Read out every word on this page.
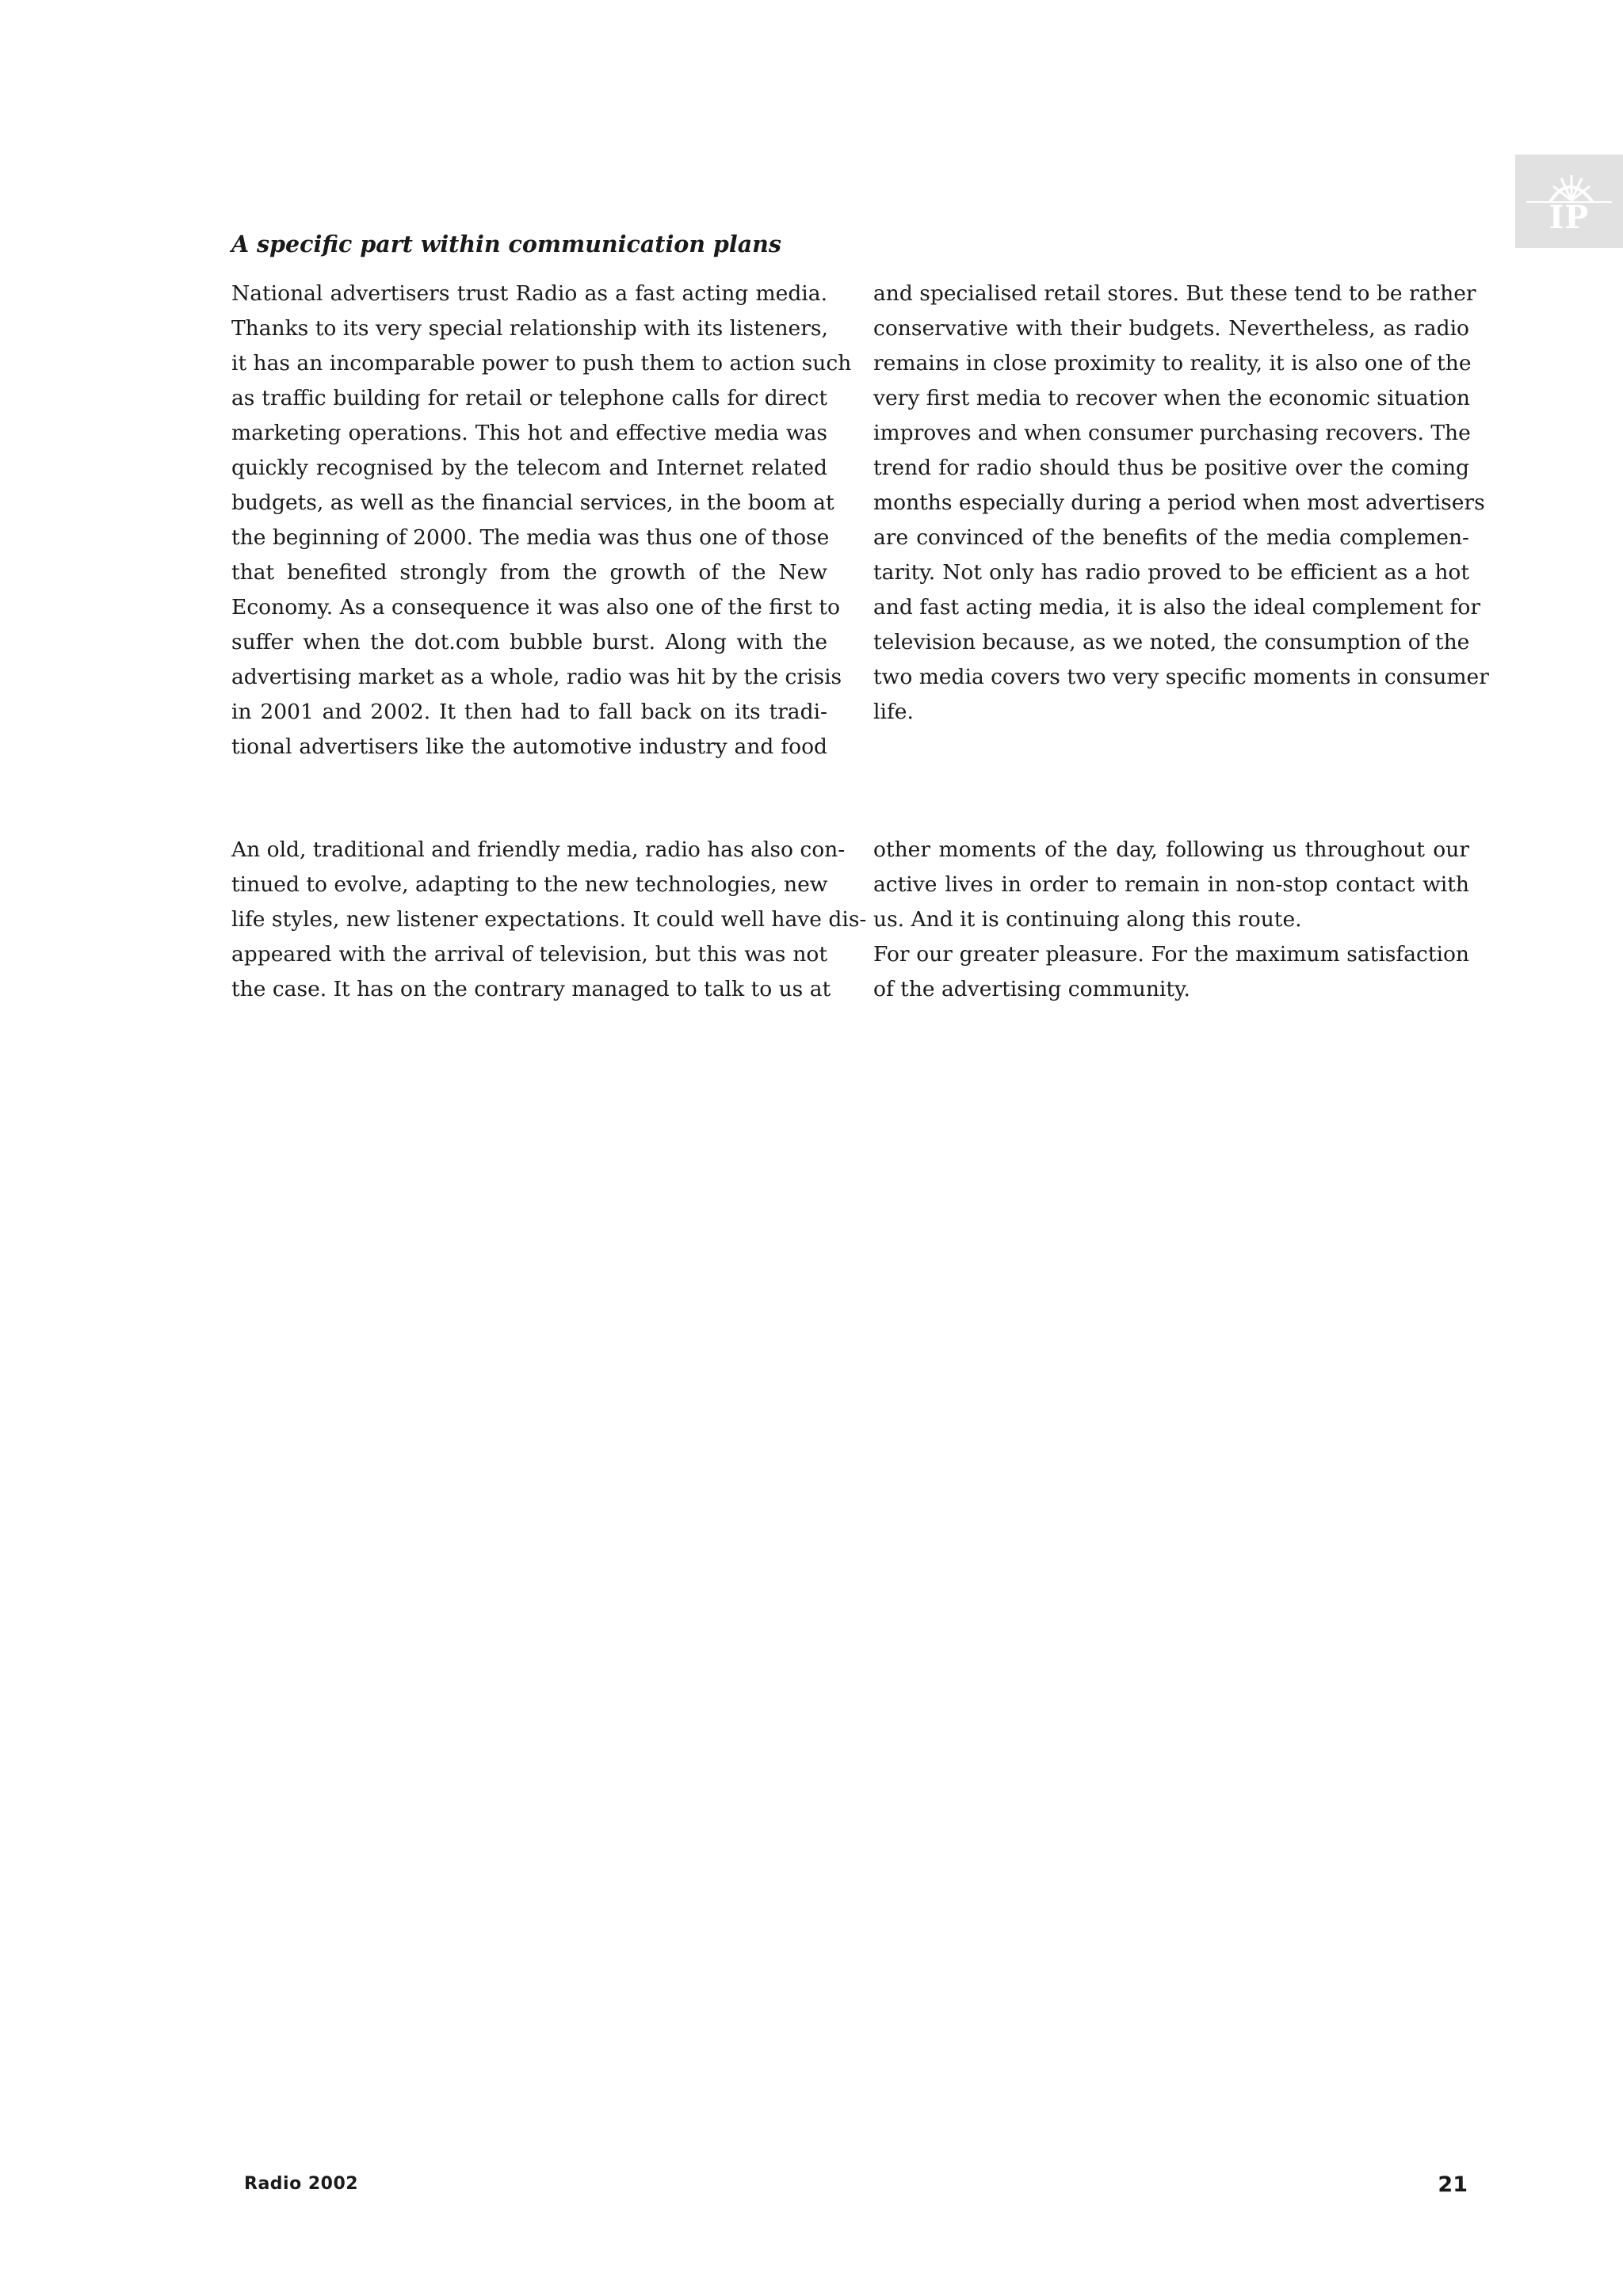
IP
A specific part within communication plans

National advertisers trust Radio as a fast acting media.
Thanks to its very special relationship with its listeners,
it has an incomparable power to push them to action such
as traffic building for retail or telephone calls for direct
marketing operations. This hot and effective media was
quickly recognised by the telecom and Internet related
budgets, as well as the financial services, in the boom at
the beginning of 2000. The media was thus one of those
that benefited strongly from the growth of the New
Economy. As a consequence it was also one of the first to
suffer when the dot.com bubble burst. Along with the
advertising market as a whole, radio was hit by the crisis
in 2001 and 2002. It then had to fall back on its tradi-
tional advertisers like the automotive industry and food

and specialised retail stores. But these tend to be rather
conservative with their budgets. Nevertheless, as radio
remains in close proximity to reality, it is also one of the
very first media to recover when the economic situation
improves and when consumer purchasing recovers. The
trend for radio should thus be positive over the coming
months especially during a period when most advertisers
are convinced of the benefits of the media complemen-
tarity. Not only has radio proved to be efficient as a hot
and fast acting media, it is also the ideal complement for
television because, as we noted, the consumption of the
two media covers two very specific moments in consumer
life.

An old, traditional and friendly media, radio has also con-
tinued to evolve, adapting to the new technologies, new
life styles, new listener expectations. It could well have dis-
appeared with the arrival of television, but this was not
the case. It has on the contrary managed to talk to us at

other moments of the day, following us throughout our
active lives in order to remain in non-stop contact with
us. And it is continuing along this route.

For our greater pleasure. For the maximum satisfaction
of the advertising community.

Radio 2002	21
